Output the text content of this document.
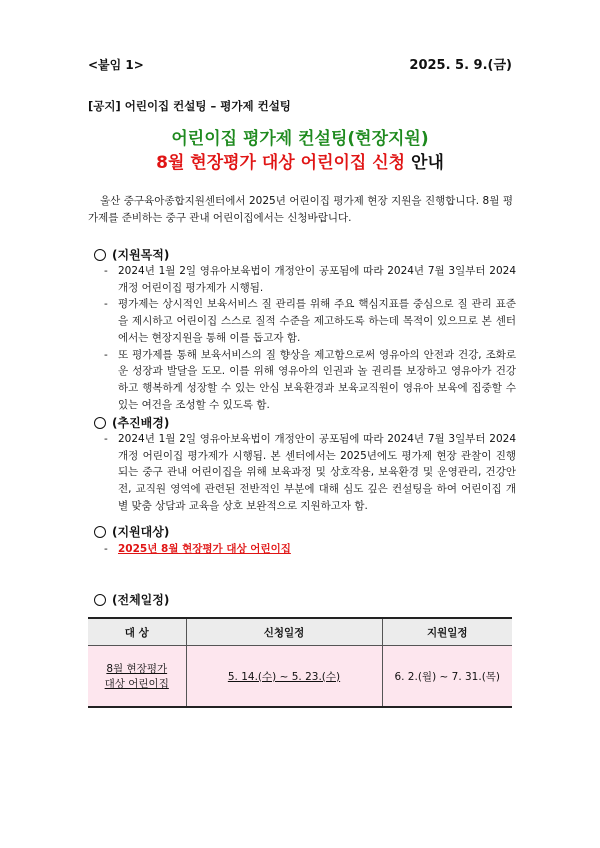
<붙임 1>	2025. 5. 9.(금)
[공지] 어린이집 컨설팅 – 평가제 컨설팅
어린이집 평가제 컨설팅(현장지원)
8월 현장평가 대상 어린이집 신청 안내
울산 중구육아종합지원센터에서 2025년 어린이집 평가제 현장 지원을 진행합니다. 8월 평가제를 준비하는 중구 관내 어린이집에서는 신청바랍니다.
(지원목적)
- 2024년 1월 2일 영유아보육법이 개정안이 공포됨에 따라 2024년 7월 3일부터 2024 개정 어린이집 평가제가 시행됨.
- 평가제는 상시적인 보육서비스 질 관리를 위해 주요 핵심지표를 중심으로 질 관리 표준을 제시하고 어린이집 스스로 질적 수준을 제고하도록 하는데 목적이 있으므로 본 센터에서는 현장지원을 통해 이를 돕고자 함.
- 또 평가제를 통해 보육서비스의 질 향상을 제고함으로써 영유아의 안전과 건강, 조화로운 성장과 발달을 도모. 이를 위해 영유아의 인권과 놀 권리를 보장하고 영유아가 건강하고 행복하게 성장할 수 있는 안심 보육환경과 보육교직원이 영유아 보육에 집중할 수 있는 여건을 조성할 수 있도록 함.
(추진배경)
- 2024년 1월 2일 영유아보육법이 개정안이 공포됨에 따라 2024년 7월 3일부터 2024 개정 어린이집 평가제가 시행됨. 본 센터에서는 2025년에도 평가제 현장 관찰이 진행되는 중구 관내 어린이집을 위해 보육과정 및 상호작용, 보육환경 및 운영관리, 건강안전, 교직원 영역에 관련된 전반적인 부분에 대해 심도 깊은 컨설팅을 하여 어린이집 개별 맞춤 상담과 교육을 상호 보완적으로 지원하고자 함.
(지원대상)
- 2025년 8월 현장평가 대상 어린이집
(전체일정)
대 상	신청일정	지원일정

8월 현장평가
대상 어린이집	5. 14.(수) ~ 5. 23.(수)	6. 2.(월) ~ 7. 31.(목)
